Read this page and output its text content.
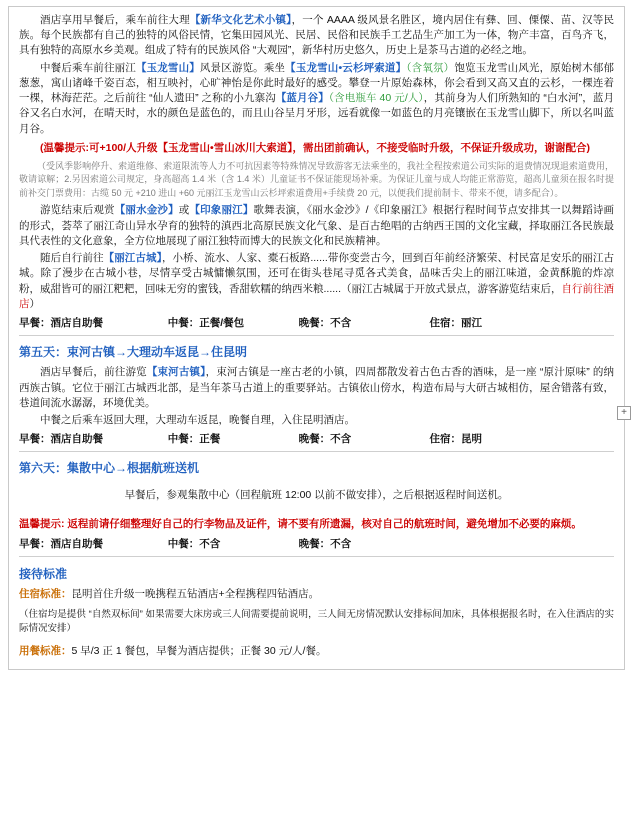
酒店享用早餐后，乘车前往大理【新华文化艺术小镇】，一个 AAAA 级风景名胜区，境内居住有彝、回、傈僳、苗、汉等民族。每个民族都有自己的独特的风俗民情，它集田园风光、民居、民俗和民族手工艺品生产加工为一体，物产丰富，百鸟齐飞，具有独特的高原水乡美观。组成了特有的民族风俗 “大观园”，新华村历史悠久，历史上是茶马古道的必经之地。

中餐后乘车前往丽江【玉龙雪山】风景区游览。乘坐【玉龙雪山•云杉坪索道】（含氧氛）饱览玉龙雪山风光，原始树木郁郁葱葱，寓山诸峰千姿百态，相互映衬，心旷神怡是你此时最好的感受。攀登一片原始森林，你会看到又高又直的云杉，一棵连着一棵，林海茫茫。之后前往 “仙人遗田” 之称的小九寨沟【蓝月谷】（含电瓶车 40 元/人），其前身为人们所熟知的 “白水河”，蓝月谷又名白水河，在晴天时，水的颜色是蓝色的，而且山谷呈月牙形，远看就像一如蓝色的月亮镶嵌在玉龙雪山脚下，所以名叫蓝月谷。

(温馨提示:可+100/人升级【玉龙雪山•雪山冰川大索道】，需出团前确认，不接受临时升级，不保证升级成功，谢谢配合)

（受风季影响停升、索道维修、索道限流等人力不可抗因素等特殊情况导致游客无法乘坐的，我社全程按索道公司实际的退费情况现退索道费用，敬请谅解；2.另因索道公司规定，身高超高 1.4 米（含 1.4 米）儿童证书不保证能现场补乘。为保证儿童与成人均能正常游览，超高儿童须在报名时提前补交门票费用：古缆 50 元 +210 进山 +60 元丽江玉龙雪山云杉坪索道费用+手续费 20 元，以便我们提前制卡、带来不便，请多配合）。

游览结束后观赏【丽水金沙】或【印象丽江】歌舞表演，《丽水金沙》/《印象丽江》根据行程时间节点安排其一以舞蹈诗画的形式，荟萃了丽江奇山异水孕育的独特的滇西北高原民族文化气象、是百古绝唱的古纳西王国的文化宝藏，择取丽江各民族最具代表性的文化意象，全方位地展现了丽江独特而博大的民族文化和民族精神。

随后自行前往【丽江古城】，小桥、流水、人家、橐石板路......带你变尝古今，回到百年前经济繁荣、村民富足安乐的丽江古城。除了漫步在古城小巷，尽情享受古城慵懒氛围，还可在街头巷尾寻觅各式美食，品味舌尖上的丽江味道，金黄酥脆的炸凉粉，威甜皆可的丽江粑粑，回味无穷的蜜钱，香甜软糯的纳西米粮......（丽江古城属于开放式景点，游客游览结束后，自行前往酒店）

早餐：酒店自助餐	中餐：正餐/餐包	晚餐：不含	住宿：丽江

第五天：束河古镇→大理动车返昆→住昆明

酒店早餐后，前往游览【束河古镇】，束河古镇是一座古老的小镇，四周都散发着古色古香的酒味，是一座 “原汁原味” 的纳西族古镇。它位于丽江古城西北部，是当年茶马古道上的重要驿站。古镇依山傍水，构造布局与大研古城相仿，屋舍错落有致，巷道间流水潺潺，环境优美。

中餐之后乘车返回大理，大理动车返昆，晚餐自理，入住昆明酒店。

早餐：酒店自助餐	中餐：正餐	晚餐：不含	住宿：昆明

第六天：集散中心→根据航班送机

早餐后，参观集散中心（回程航班 12:00 以前不做安排），之后根据返程时间送机。

温馨提示: 返程前请仔细整理好自己的行李物品及证件，请不要有所遗漏，核对自己的航班时间，避免增加不必要的麻烦。

早餐：酒店自助餐	中餐：不含	晚餐：不含
接待标准

住宿标准：昆明首住升级一晚携程五钻酒店+全程携程四钻酒店。

（住宿均是提供 “自然双标间” 如果需要大床房或三人间需要提前说明，三人间无房情况默认安排标间加床，具体根据报名时，在入住酒店的实际情况安排）

用餐标准：5 早/3 正 1 餐包，早餐为酒店提供；正餐 30 元/人/餐。

+
